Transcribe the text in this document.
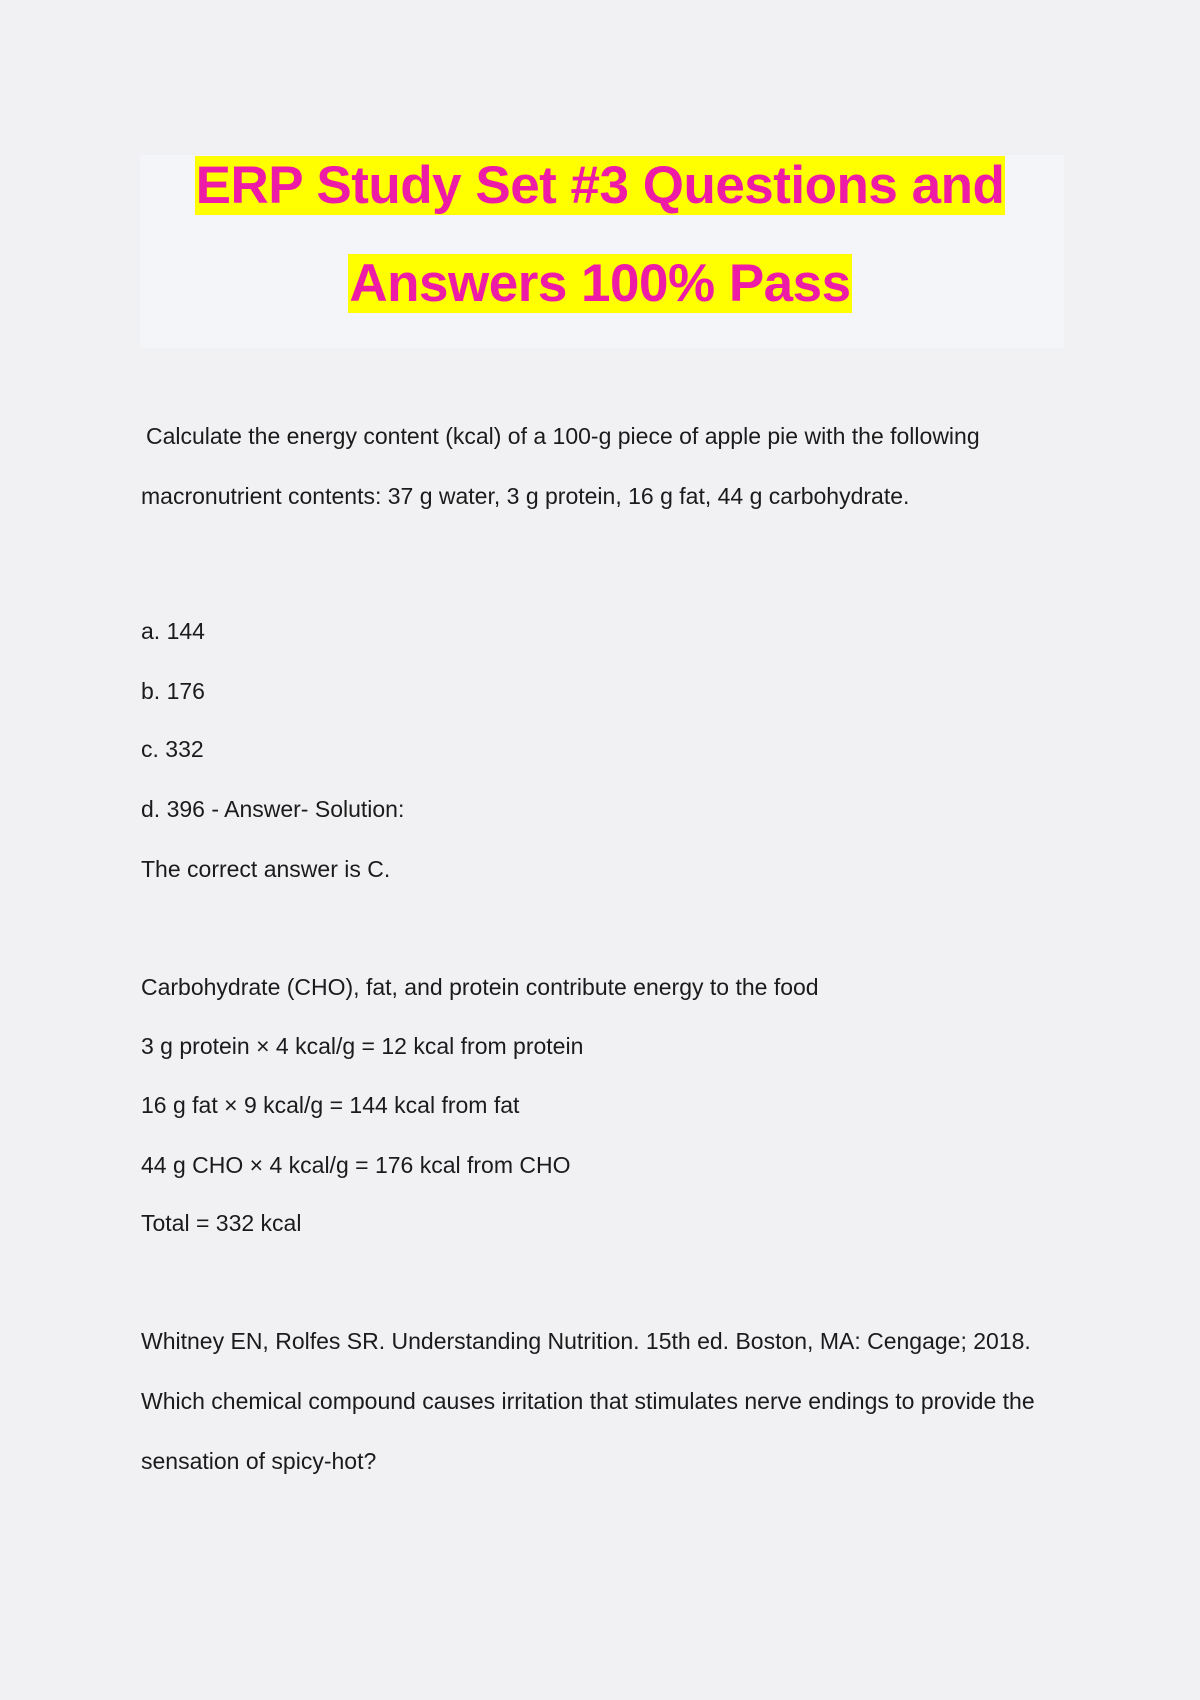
ERP Study Set #3 Questions and
Answers 100% Pass
Calculate the energy content (kcal) of a 100-g piece of apple pie with the following
macronutrient contents: 37 g water, 3 g protein, 16 g fat, 44 g carbohydrate.
a. 144
b. 176
c. 332
d. 396 - Answer- Solution:
The correct answer is C.
Carbohydrate (CHO), fat, and protein contribute energy to the food
3 g protein × 4 kcal/g = 12 kcal from protein
16 g fat × 9 kcal/g = 144 kcal from fat
44 g CHO × 4 kcal/g = 176 kcal from CHO
Total = 332 kcal
Whitney EN, Rolfes SR. Understanding Nutrition. 15th ed. Boston, MA: Cengage; 2018.
Which chemical compound causes irritation that stimulates nerve endings to provide the
sensation of spicy-hot?
